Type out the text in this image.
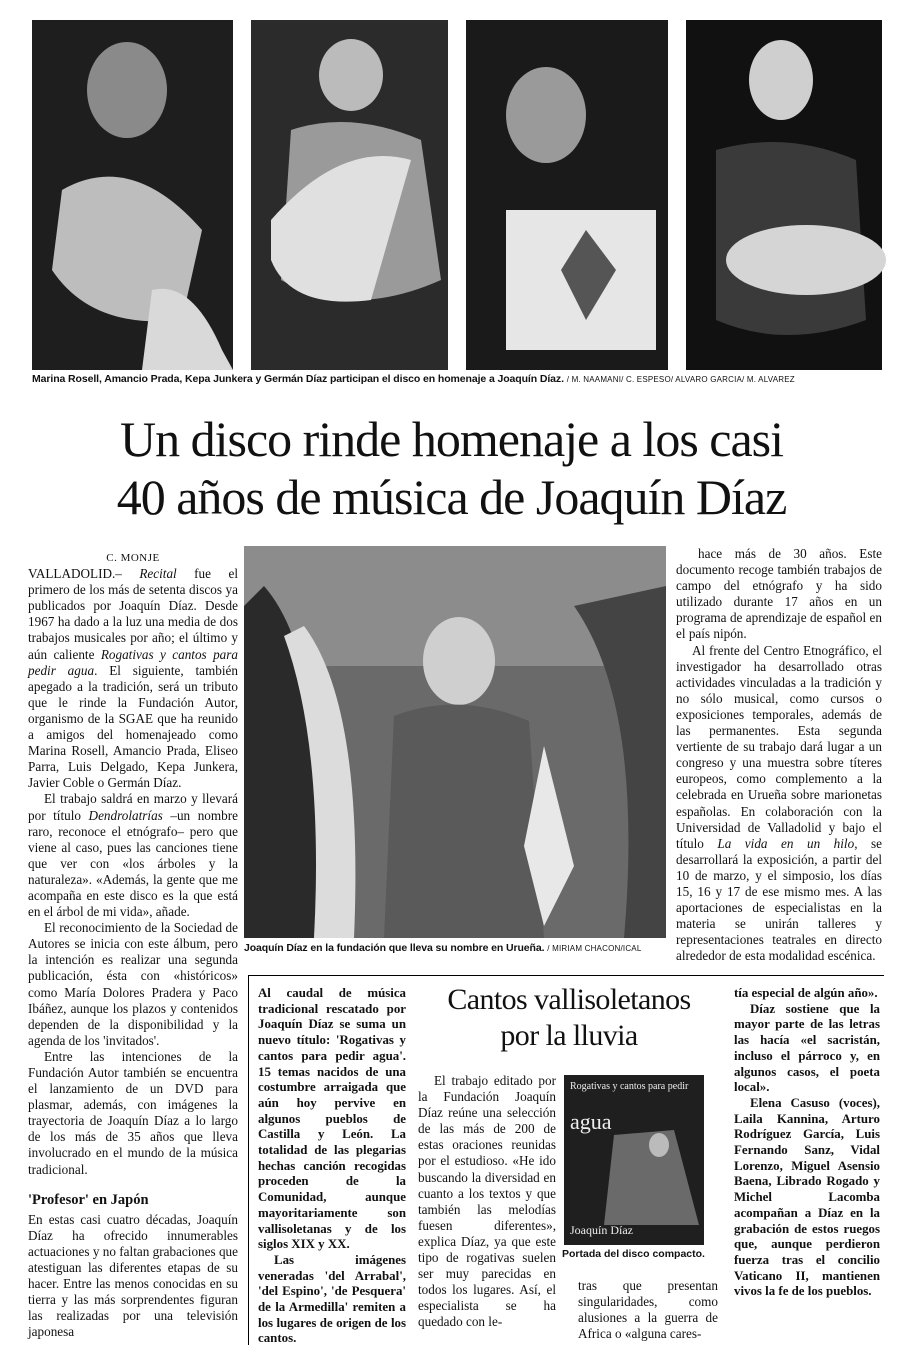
Marina Rosell, Amancio Prada, Kepa Junkera y Germán Díaz participan el disco en homenaje a Joaquín Díaz. / M. NAAMANI/ C. ESPESO/ ALVARO GARCIA/ M. ALVAREZ
Un disco rinde homenaje a los casi
40 años de música de Joaquín Díaz
C. MONJE

VALLADOLID.– Recital fue el primero de los más de setenta discos ya publicados por Joaquín Díaz. Desde 1967 ha dado a la luz una media de dos trabajos musicales por año; el último y aún caliente Rogativas y cantos para pedir agua. El siguiente, también apegado a la tradición, será un tributo que le rinde la Fundación Autor, organismo de la SGAE que ha reunido a amigos del homenajeado como Marina Rosell, Amancio Prada, Eliseo Parra, Luis Delgado, Kepa Junkera, Javier Coble o Germán Díaz.

El trabajo saldrá en marzo y llevará por título Dendrolatrías –un nombre raro, reconoce el etnógrafo– pero que viene al caso, pues las canciones tiene que ver con «los árboles y la naturaleza». «Además, la gente que me acompaña en este disco es la que está en el árbol de mi vida», añade.

El reconocimiento de la Sociedad de Autores se inicia con este álbum, pero la intención es realizar una segunda publicación, ésta con «históricos» como María Dolores Pradera y Paco Ibáñez, aunque los plazos y contenidos dependen de la disponibilidad y la agenda de los 'invitados'.

Entre las intenciones de la Fundación Autor también se encuentra el lanzamiento de un DVD para plasmar, además, con imágenes la trayectoria de Joaquín Díaz a lo largo de los más de 35 años que lleva involucrado en el mundo de la música tradicional.

'Profesor' en Japón

En estas casi cuatro décadas, Joaquín Díaz ha ofrecido innumerables actuaciones y no faltan grabaciones que atestiguan las diferentes etapas de su hacer. Entre las menos conocidas en su tierra y las más sorprendentes figuran las realizadas por una televisión japonesa

Joaquín Díaz en la fundación que lleva su nombre en Urueña. / MIRIAM CHACON/ICAL

hace más de 30 años. Este documento recoge también trabajos de campo del etnógrafo y ha sido utilizado durante 17 años en un programa de aprendizaje de español en el país nipón.

Al frente del Centro Etnográfico, el investigador ha desarrollado otras actividades vinculadas a la tradición y no sólo musical, como cursos o exposiciones temporales, además de las permanentes. Esta segunda vertiente de su trabajo dará lugar a un congreso y una muestra sobre títeres europeos, como complemento a la celebrada en Urueña sobre marionetas españolas. En colaboración con la Universidad de Valladolid y bajo el título La vida en un hilo, se desarrollará la exposición, a partir del 10 de marzo, y el simposio, los días 15, 16 y 17 de ese mismo mes. A las aportaciones de especialistas en la materia se unirán talleres y representaciones teatrales en directo alrededor de esta modalidad escénica.

Al caudal de música tradicional rescatado por Joaquín Díaz se suma un nuevo título: 'Rogativas y cantos para pedir agua'. 15 temas nacidos de una costumbre arraigada que aún hoy pervive en algunos pueblos de Castilla y León. La totalidad de las plegarias hechas canción recogidas proceden de la Comunidad, aunque mayoritariamente son vallisoletanas y de los siglos XIX y XX.

Las imágenes veneradas 'del Arrabal', 'del Espino', 'de Pesquera' de la Armedilla' remiten a los lugares de origen de los cantos.

Cantos vallisoletanos
por la lluvia

El trabajo editado por la Fundación Joaquín Díaz reúne una selección de las más de 200 de estas oraciones reunidas por el estudioso. «He ido buscando la diversidad en cuanto a los textos y que también las melodías fuesen diferentes», explica Díaz, ya que este tipo de rogativas suelen ser muy parecidas en todos los lugares. Así, el especialista se ha quedado con le-

Rogativas y cantos para pedir
agua
Joaquín Díaz
Portada del disco compacto.

tras que presentan singularidades, como alusiones a la guerra de Africa o «alguna cares-

tía especial de algún año».

Díaz sostiene que la mayor parte de las letras las hacía «el sacristán, incluso el párroco y, en algunos casos, el poeta local».

Elena Casuso (voces), Laila Kannina, Arturo Rodríguez García, Luis Fernando Sanz, Vidal Lorenzo, Miguel Asensio Baena, Librado Rogado y Michel Lacomba acompañan a Díaz en la grabación de estos ruegos que, aunque perdieron fuerza tras el concilio Vaticano II, mantienen vivos la fe de los pueblos.
